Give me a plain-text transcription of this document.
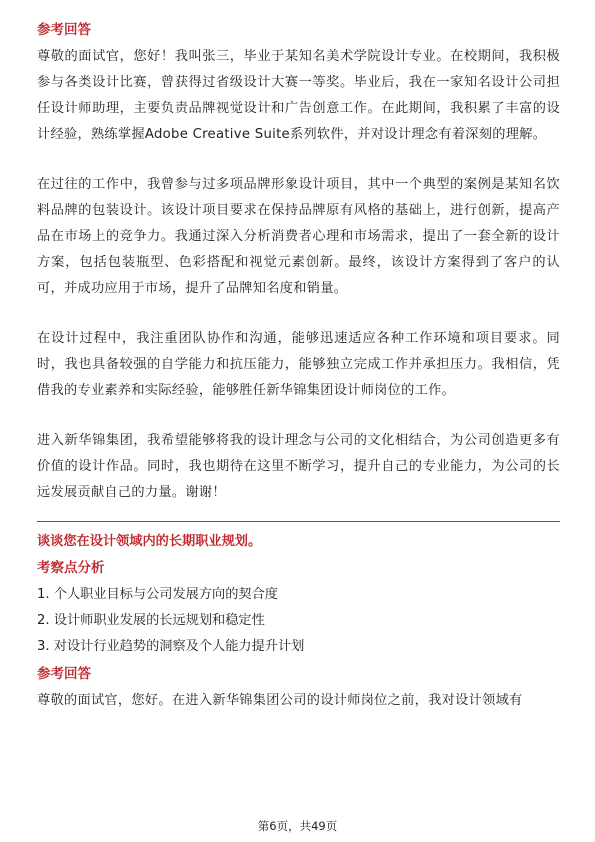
参考回答

尊敬的面试官，您好！我叫张三，毕业于某知名美术学院设计专业。在校期间，我积极参与各类设计比赛，曾获得过省级设计大赛一等奖。毕业后，我在一家知名设计公司担任设计师助理，主要负责品牌视觉设计和广告创意工作。在此期间，我积累了丰富的设计经验，熟练掌握Adobe Creative Suite系列软件，并对设计理念有着深刻的理解。

在过往的工作中，我曾参与过多项品牌形象设计项目，其中一个典型的案例是某知名饮料品牌的包装设计。该设计项目要求在保持品牌原有风格的基础上，进行创新，提高产品在市场上的竞争力。我通过深入分析消费者心理和市场需求，提出了一套全新的设计方案，包括包装瓶型、色彩搭配和视觉元素创新。最终，该设计方案得到了客户的认可，并成功应用于市场，提升了品牌知名度和销量。

在设计过程中，我注重团队协作和沟通，能够迅速适应各种工作环境和项目要求。同时，我也具备较强的自学能力和抗压能力，能够独立完成工作并承担压力。我相信，凭借我的专业素养和实际经验，能够胜任新华锦集团设计师岗位的工作。

进入新华锦集团，我希望能够将我的设计理念与公司的文化相结合，为公司创造更多有价值的设计作品。同时，我也期待在这里不断学习，提升自己的专业能力，为公司的长远发展贡献自己的力量。谢谢！

谈谈您在设计领域内的长期职业规划。
考察点分析

1. 个人职业目标与公司发展方向的契合度

2. 设计师职业发展的长远规划和稳定性

3. 对设计行业趋势的洞察及个人能力提升计划

参考回答

尊敬的面试官，您好。在进入新华锦集团公司的设计师岗位之前，我对设计领域有

第6页，共49页
